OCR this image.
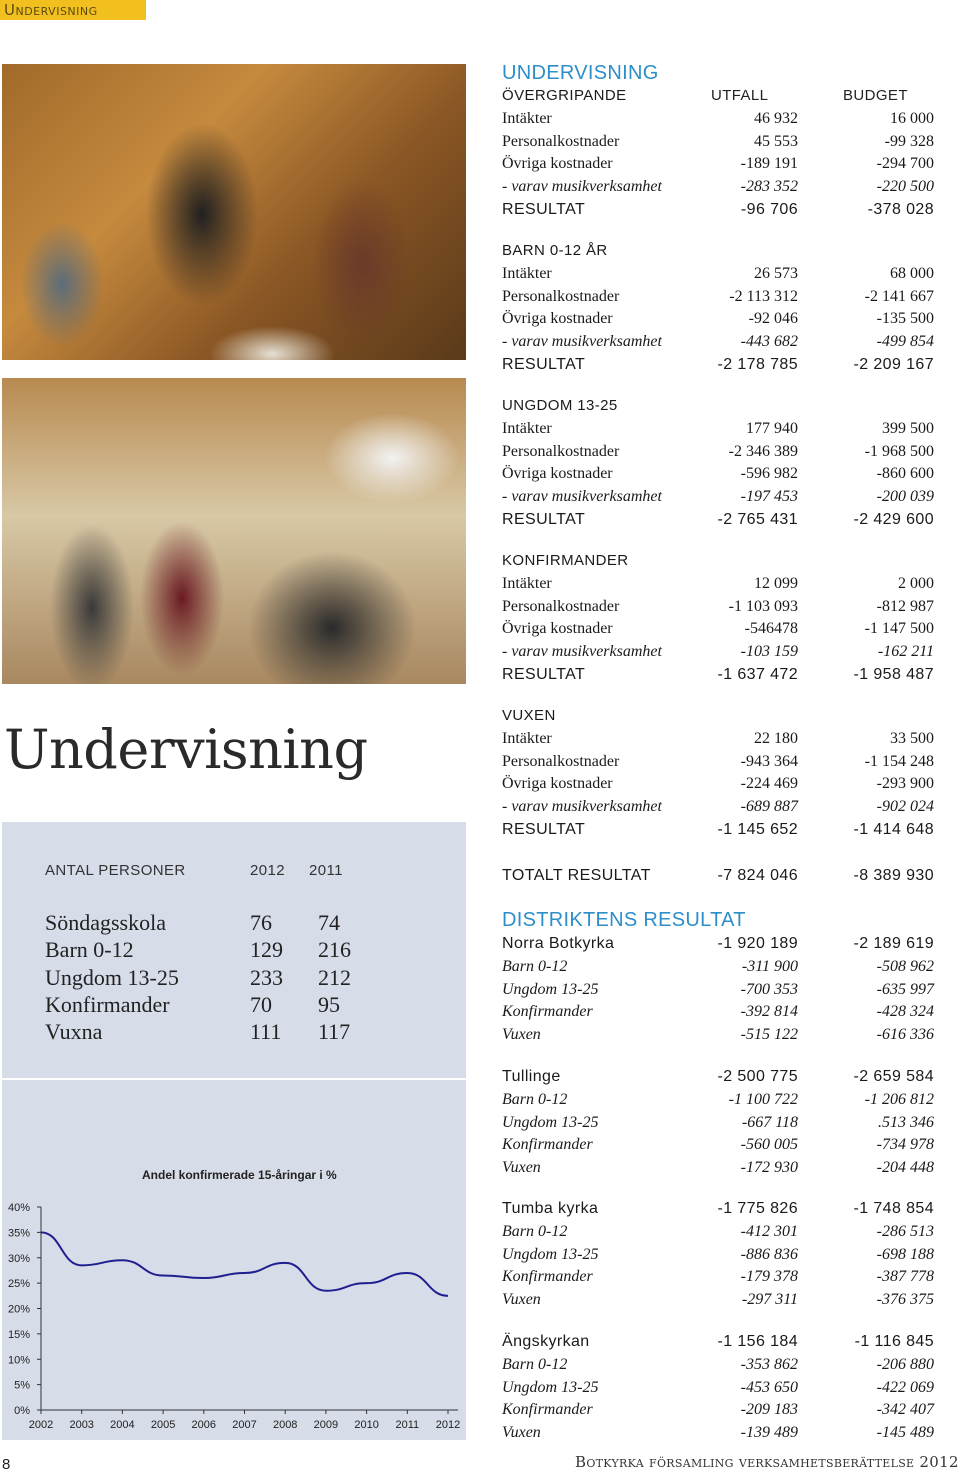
Undervisning
Undervisning
ANTAL PERSONER	2012 2011
Söndagsskola	76 74
Barn 0-12	129 216
Ungdom 13-25	233 212
Konfirmander	70 95
Vuxna	111 117
Andel konfirmerade 15-åringar i %
0%
5%
10%
15%
20%
25%
30%
35%
40%
2002 2003 2004 2005 2006 2007 2008 2009 2010 2011 2012
UNDERVISNING
ÖVERGRIPANDE	UTFALL	BUDGET
Intäkter	46 932	16 000
Personalkostnader	45 553	-99 328
Övriga kostnader	-189 191	-294 700
- varav musikverksamhet	-283 352	-220 500
RESULTAT	-96 706	-378 028
BARN 0-12 ÅR
Intäkter	26 573	68 000
Personalkostnader	-2 113 312	-2 141 667
Övriga kostnader	-92 046	-135 500
- varav musikverksamhet	-443 682	-499 854
RESULTAT	-2 178 785	-2 209 167
UNGDOM 13-25
Intäkter	177 940	399 500
Personalkostnader	-2 346 389	-1 968 500
Övriga kostnader	-596 982	-860 600
- varav musikverksamhet	-197 453	-200 039
RESULTAT	-2 765 431	-2 429 600
KONFIRMANDER
Intäkter	12 099	2 000
Personalkostnader	-1 103 093	-812 987
Övriga kostnader	-546478	-1 147 500
- varav musikverksamhet	-103 159	-162 211
RESULTAT	-1 637 472	-1 958 487
VUXEN
Intäkter	22 180	33 500
Personalkostnader	-943 364	-1 154 248
Övriga kostnader	-224 469	-293 900
- varav musikverksamhet	-689 887	-902 024
RESULTAT	-1 145 652	-1 414 648
TOTALT RESULTAT	-7 824 046	-8 389 930
DISTRIKTENS RESULTAT
Norra Botkyrka	-1 920 189	-2 189 619
Barn 0-12	-311 900	-508 962
Ungdom 13-25	-700 353	-635 997
Konfirmander	-392 814	-428 324
Vuxen	-515 122	-616 336
Tullinge	-2 500 775	-2 659 584
Barn 0-12	-1 100 722	-1 206 812
Ungdom 13-25	-667 118	.513 346
Konfirmander	-560 005	-734 978
Vuxen	-172 930	-204 448
Tumba kyrka	-1 775 826	-1 748 854
Barn 0-12	-412 301	-286 513
Ungdom 13-25	-886 836	-698 188
Konfirmander	-179 378	-387 778
Vuxen	-297 311	-376 375
Ängskyrkan	-1 156 184	-1 116 845
Barn 0-12	-353 862	-206 880
Ungdom 13-25	-453 650	-422 069
Konfirmander	-209 183	-342 407
Vuxen	-139 489	-145 489
8	Botkyrka församling verksamhetsberättelse 2012
